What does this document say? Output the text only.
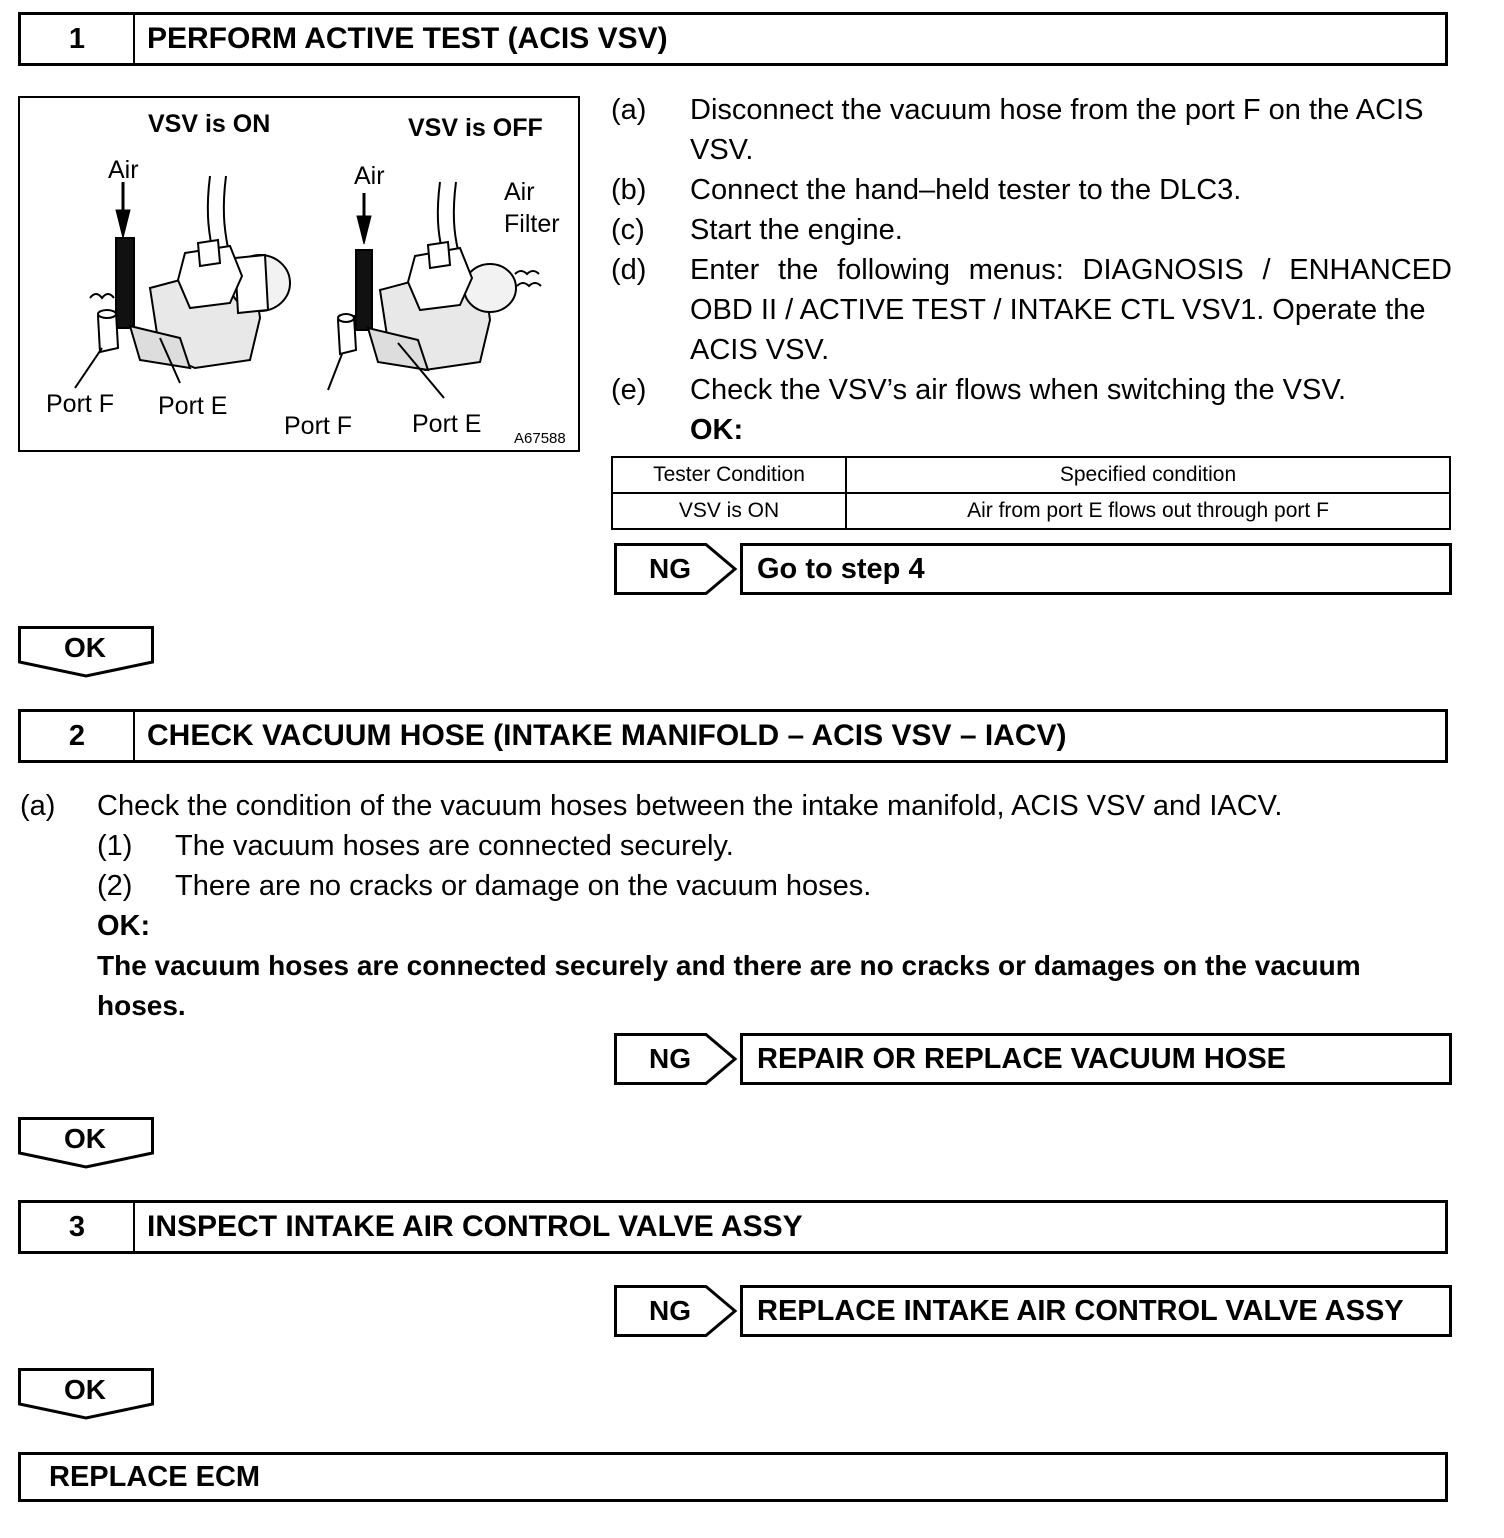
1	PERFORM ACTIVE TEST (ACIS VSV)
VSV is ON	VSV is OFF
Air	Air
Air
Filter
Port F Port E
Port F Port E
A67588
(a) Disconnect the vacuum hose from the port F on the ACIS
VSV.
(b) Connect the hand–held tester to the DLC3.
(c) Start the engine.
(d) Enter the following menus: DIAGNOSIS / ENHANCED
OBD II / ACTIVE TEST / INTAKE CTL VSV1. Operate the
ACIS VSV.
(e) Check the VSV’s air flows when switching the VSV.
OK:
Tester Condition	Specified condition
VSV is ON	Air from port E flows out through port F
NG	Go to step 4
OK
2	CHECK VACUUM HOSE (INTAKE MANIFOLD – ACIS VSV – IACV)
(a) Check the condition of the vacuum hoses between the intake manifold, ACIS VSV and IACV.
(1) The vacuum hoses are connected securely.
(2) There are no cracks or damage on the vacuum hoses.
OK:
The vacuum hoses are connected securely and there are no cracks or damages on the vacuum
hoses.
NG	REPAIR OR REPLACE VACUUM HOSE
OK
3	INSPECT INTAKE AIR CONTROL VALVE ASSY
NG	REPLACE INTAKE AIR CONTROL VALVE ASSY
OK
REPLACE ECM
